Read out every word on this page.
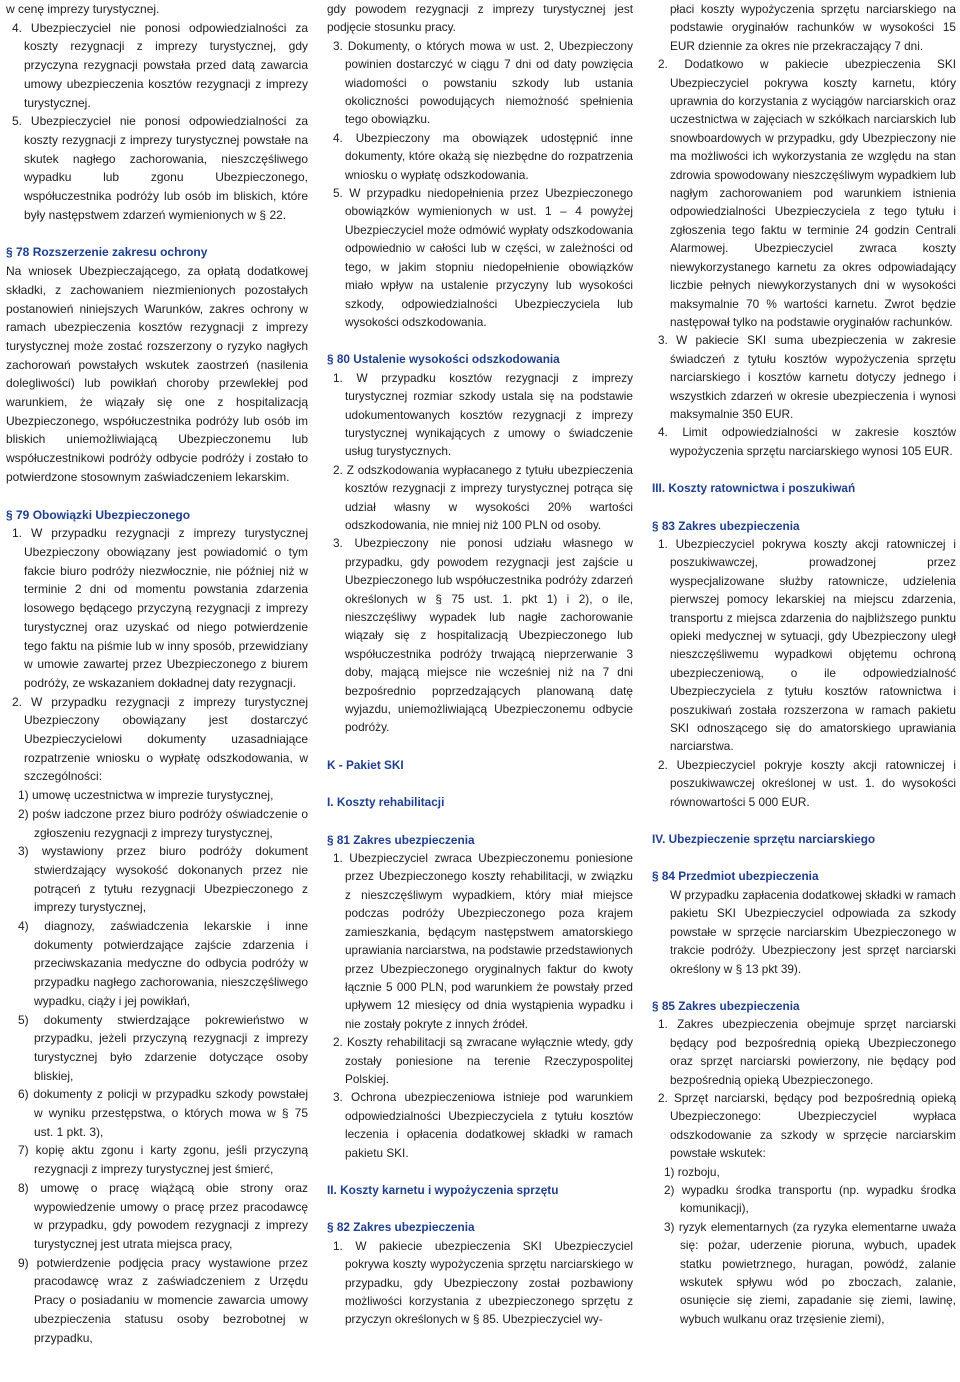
w cenę imprezy turystycznej.

4. Ubezpieczyciel nie ponosi odpowiedzialności za koszty rezygnacji z imprezy turystycznej, gdy przyczyna rezygnacji powstała przed datą zawarcia umowy ubezpieczenia kosztów rezygnacji z imprezy turystycznej.

5. Ubezpieczyciel nie ponosi odpowiedzialności za koszty rezygnacji z imprezy turystycznej powstałe na skutek nagłego zachorowania, nieszczęśliwego wypadku lub zgonu Ubezpieczonego, współuczestnika podróży lub osób im bliskich, które były następstwem zdarzeń wymienionych w § 22.

§ 78 Rozszerzenie zakresu ochrony

Na wniosek Ubezpieczającego, za opłatą dodatkowej składki, z zachowaniem niezmienionych pozostałych postanowień niniejszych Warunków, zakres ochrony w ramach ubezpieczenia kosztów rezygnacji z imprezy turystycznej może zostać rozszerzony o ryzyko nagłych zachorowań powstałych wskutek zaostrzeń (nasilenia dolegliwości) lub powikłań choroby przewlekłej pod warunkiem, że wiązały się one z hospitalizacją Ubezpieczonego, współuczestnika podróży lub osób im bliskich uniemożliwiającą Ubezpieczonemu lub współuczestnikowi podróży odbycie podróży i zostało to potwierdzone stosownym zaświadczeniem lekarskim.

§ 79 Obowiązki Ubezpieczonego

1. W przypadku rezygnacji z imprezy turystycznej Ubezpieczony obowiązany jest powiadomić o tym fakcie biuro podróży niezwłocznie, nie później niż w terminie 2 dni od momentu powstania zdarzenia losowego będącego przyczyną rezygnacji z imprezy turystycznej oraz uzyskać od niego potwierdzenie tego faktu na piśmie lub w inny sposób, przewidziany w umowie zawartej przez Ubezpieczonego z biurem podróży, ze wskazaniem dokładnej daty rezygnacji.

2. W przypadku rezygnacji z imprezy turystycznej Ubezpieczony obowiązany jest dostarczyć Ubezpieczycielowi dokumenty uzasadniające rozpatrzenie wniosku o wypłatę odszkodowania, w szczególności:

1) umowę uczestnictwa w imprezie turystycznej,

2) pośw iadczone przez biuro podróży oświadczenie o zgłoszeniu rezygnacji z imprezy turystycznej,

3) wystawiony przez biuro podróży dokument stwierdzający wysokość dokonanych przez nie potrąceń z tytułu rezygnacji Ubezpieczonego z imprezy turystycznej,

4) diagnozy, zaświadczenia lekarskie i inne dokumenty potwierdzające zajście zdarzenia i przeciwskazania medyczne do odbycia podróży w przypadku nagłego zachorowania, nieszczęśliwego wypadku, ciąży i jej powikłań,

5) dokumenty stwierdzające pokrewieństwo w przypadku, jeżeli przyczyną rezygnacji z imprezy turystycznej było zdarzenie dotyczące osoby bliskiej,

6) dokumenty z policji w przypadku szkody powstałej w wyniku przestępstwa, o których mowa w § 75 ust. 1 pkt. 3),

7) kopię aktu zgonu i karty zgonu, jeśli przyczyną rezygnacji z imprezy turystycznej jest śmierć,

8) umowę o pracę wiążącą obie strony oraz wypowiedzenie umowy o pracę przez pracodawcę w przypadku, gdy powodem rezygnacji z imprezy turystycznej jest utrata miejsca pracy,

9) potwierdzenie podjęcia pracy wystawione przez pracodawcę wraz z zaświadczeniem z Urzędu Pracy o posiadaniu w momencie zawarcia umowy ubezpieczenia statusu osoby bezrobotnej w przypadku,

gdy powodem rezygnacji z imprezy turystycznej jest podjęcie stosunku pracy.

3. Dokumenty, o których mowa w ust. 2, Ubezpieczony powinien dostarczyć w ciągu 7 dni od daty powzięcia wiadomości o powstaniu szkody lub ustania okoliczności powodujących niemożność spełnienia tego obowiązku.

4. Ubezpieczony ma obowiązek udostępnić inne dokumenty, które okażą się niezbędne do rozpatrzenia wniosku o wypłatę odszkodowania.

5. W przypadku niedopełnienia przez Ubezpieczonego obowiązków wymienionych w ust. 1 – 4 powyżej Ubezpieczyciel może odmówić wypłaty odszkodowania odpowiednio w całości lub w części, w zależności od tego, w jakim stopniu niedopełnienie obowiązków miało wpływ na ustalenie przyczyny lub wysokości szkody, odpowiedzialności Ubezpieczyciela lub wysokości odszkodowania.

§ 80 Ustalenie wysokości odszkodowania

1. W przypadku kosztów rezygnacji z imprezy turystycznej rozmiar szkody ustala się na podstawie udokumentowanych kosztów rezygnacji z imprezy turystycznej wynikających z umowy o świadczenie usług turystycznych.

2. Z odszkodowania wypłacanego z tytułu ubezpieczenia kosztów rezygnacji z imprezy turystycznej potrąca się udział własny w wysokości 20% wartości odszkodowania, nie mniej niż 100 PLN od osoby.

3. Ubezpieczony nie ponosi udziału własnego w przypadku, gdy powodem rezygnacji jest zajście u Ubezpieczonego lub współuczestnika podróży zdarzeń określonych w § 75 ust. 1. pkt 1) i 2), o ile, nieszczęśliwy wypadek lub nagłe zachorowanie wiązały się z hospitalizacją Ubezpieczonego lub współuczestnika podróży trwającą nieprzerwanie 3 doby, mającą miejsce nie wcześniej niż na 7 dni bezpośrednio poprzedzających planowaną datę wyjazdu, uniemożliwiającą Ubezpieczonemu odbycie podróży.

K - Pakiet SKI

I. Koszty rehabilitacji

§ 81 Zakres ubezpieczenia

1. Ubezpieczyciel zwraca Ubezpieczonemu poniesione przez Ubezpieczonego koszty rehabilitacji, w związku z nieszczęśliwym wypadkiem, który miał miejsce podczas podróży Ubezpieczonego poza krajem zamieszkania, będącym następstwem amatorskiego uprawiania narciarstwa, na podstawie przedstawionych przez Ubezpieczonego oryginalnych faktur do kwoty łącznie 5 000 PLN, pod warunkiem że powstały przed upływem 12 miesięcy od dnia wystąpienia wypadku i nie zostały pokryte z innych źródeł.

2. Koszty rehabilitacji są zwracane wyłącznie wtedy, gdy zostały poniesione na terenie Rzeczypospolitej Polskiej.

3. Ochrona ubezpieczeniowa istnieje pod warunkiem odpowiedzialności Ubezpieczyciela z tytułu kosztów leczenia i opłacenia dodatkowej składki w ramach pakietu SKI.

II. Koszty karnetu i wypożyczenia sprzętu

§ 82 Zakres ubezpieczenia

1. W pakiecie ubezpieczenia SKI Ubezpieczyciel pokrywa koszty wypożyczenia sprzętu narciarskiego w przypadku, gdy Ubezpieczony został pozbawiony możliwości korzystania z ubezpieczonego sprzętu z przyczyn określonych w § 85. Ubezpieczyciel wy-

płaci koszty wypożyczenia sprzętu narciarskiego na podstawie oryginałów rachunków w wysokości 15 EUR dziennie za okres nie przekraczający 7 dni.

2. Dodatkowo w pakiecie ubezpieczenia SKI Ubezpieczyciel pokrywa koszty karnetu, który uprawnia do korzystania z wyciągów narciarskich oraz uczestnictwa w zajęciach w szkółkach narciarskich lub snowboardowych w przypadku, gdy Ubezpieczony nie ma możliwości ich wykorzystania ze względu na stan zdrowia spowodowany nieszczęśliwym wypadkiem lub nagłym zachorowaniem pod warunkiem istnienia odpowiedzialności Ubezpieczyciela z tego tytułu i zgłoszenia tego faktu w terminie 24 godzin Centrali Alarmowej. Ubezpieczyciel zwraca koszty niewykorzystanego karnetu za okres odpowiadający liczbie pełnych niewykorzystanych dni w wysokości maksymalnie 70 % wartości karnetu. Zwrot będzie następował tylko na podstawie oryginałów rachunków.

3. W pakiecie SKI suma ubezpieczenia w zakresie świadczeń z tytułu kosztów wypożyczenia sprzętu narciarskiego i kosztów karnetu dotyczy jednego i wszystkich zdarzeń w okresie ubezpieczenia i wynosi maksymalnie 350 EUR.

4. Limit odpowiedzialności w zakresie kosztów wypożyczenia sprzętu narciarskiego wynosi 105 EUR.

III. Koszty ratownictwa i poszukiwań

§ 83 Zakres ubezpieczenia

1. Ubezpieczyciel pokrywa koszty akcji ratowniczej i poszukiwawczej, prowadzonej przez wyspecjalizowane służby ratownicze, udzielenia pierwszej pomocy lekarskiej na miejscu zdarzenia, transportu z miejsca zdarzenia do najbliższego punktu opieki medycznej w sytuacji, gdy Ubezpieczony uległ nieszczęśliwemu wypadkowi objętemu ochroną ubezpieczeniową, o ile odpowiedzialność Ubezpieczyciela z tytułu kosztów ratownictwa i poszukiwań została rozszerzona w ramach pakietu SKI odnoszącego się do amatorskiego uprawiania narciarstwa.

2. Ubezpieczyciel pokryje koszty akcji ratowniczej i poszukiwawczej określonej w ust. 1. do wysokości równowartości 5 000 EUR.

IV. Ubezpieczenie sprzętu narciarskiego

§ 84 Przedmiot ubezpieczenia

W przypadku zapłacenia dodatkowej składki w ramach pakietu SKI Ubezpieczyciel odpowiada za szkody powstałe w sprzęcie narciarskim Ubezpieczonego w trakcie podróży. Ubezpieczony jest sprzęt narciarski określony w § 13 pkt 39).

§ 85 Zakres ubezpieczenia

1. Zakres ubezpieczenia obejmuje sprzęt narciarski będący pod bezpośrednią opieką Ubezpieczonego oraz sprzęt narciarski powierzony, nie będący pod bezpośrednią opieką Ubezpieczonego.

2. Sprzęt narciarski, będący pod bezpośrednią opieką Ubezpieczonego: Ubezpieczyciel wypłaca odszkodowanie za szkody w sprzęcie narciarskim powstałe wskutek:

1) rozboju,

2) wypadku środka transportu (np. wypadku środka komunikacji),

3) ryzyk elementarnych (za ryzyka elementarne uważa się: pożar, uderzenie pioruna, wybuch, upadek statku powietrznego, huragan, powódź, zalanie wskutek spływu wód po zboczach, zalanie, osunięcie się ziemi, zapadanie się ziemi, lawinę, wybuch wulkanu oraz trzęsienie ziemi),
